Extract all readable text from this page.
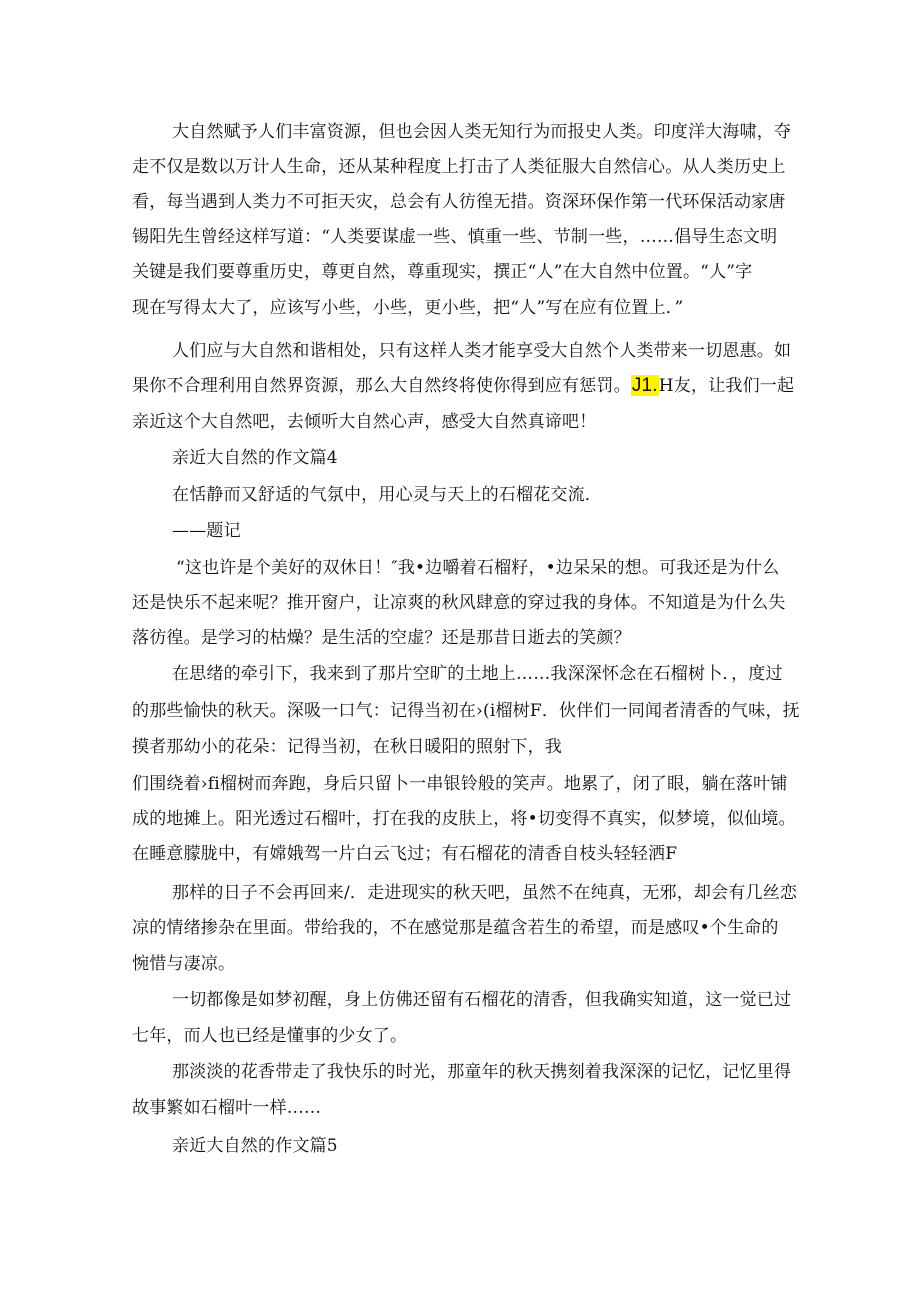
大自然赋予人们丰富资源，但也会因人类无知行为而报史人类。印度洋大海啸，夺
走不仅是数以万计人生命，还从某种程度上打击了人类征服大自然信心。从人类历史上
看，每当遇到人类力不可拒天灾，总会有人彷徨无措。资深环保作第一代环保活动家唐
锡阳先生曾经这样写道：“人类要谋虚一些、慎重一些、节制一些，……倡导生态文明
关键是我们要尊重历史，尊更自然，尊重现实，撰正“人”在大自然中位置。“人”字
现在写得太大了，应该写小些，小些，更小些，把“人”写在应有位置上．”
人们应与大自然和谐相处，只有这样人类才能享受大自然个人类带来一切恩惠。如
果你不合理利用自然界资源，那么大自然终将使你得到应有惩罚。J1.H友，让我们一起
亲近这个大自然吧，去倾听大自然心声，感受大自然真谛吧！
亲近大自然的作文篇4
在恬静而又舒适的气氛中，用心灵与天上的石榴花交流．
——题记
“这也许是个美好的双休日！″我•边嚼着石榴籽，•边呆呆的想。可我还是为什么
还是快乐不起来呢？推开窗户，让凉爽的秋风肆意的穿过我的身体。不知道是为什么失
落彷徨。是学习的枯燥？是生活的空虚？还是那昔日逝去的笑颜？
在思绪的牵引下，我来到了那片空旷的土地上……我深深怀念在石榴树卜．，度过
的那些愉快的秋天。深吸一口气：记得当初在›(i榴树F．伙伴们一同闻者清香的气味，抚
摸者那幼小的花朵：记得当初，在秋日暖阳的照射下，我
们围绕着›fi榴树而奔跑，身后只留卜一串银铃般的笑声。地累了，闭了眼，躺在落叶铺
成的地摊上。阳光透过石榴叶，打在我的皮肤上，将•切变得不真实，似梦境，似仙境。
在睡意朦胧中，有嫦娥驾一片白云飞过；有石榴花的清香自枝头轻轻洒F
那样的日子不会再回来/．走进现实的秋天吧，虽然不在纯真，无邪，却会有几丝恋
凉的情绪掺杂在里面。带给我的，不在感觉那是蕴含若生的希望，而是感叹•个生命的
惋惜与凄凉。
一切都像是如梦初醒，身上仿佛还留有石榴花的清香，但我确实知道，这一觉已过
七年，而人也已经是懂事的少女了。
那淡淡的花香带走了我快乐的时光，那童年的秋天携刻着我深深的记忆，记忆里得
故事繁如石榴叶一样……
亲近大自然的作文篇5
